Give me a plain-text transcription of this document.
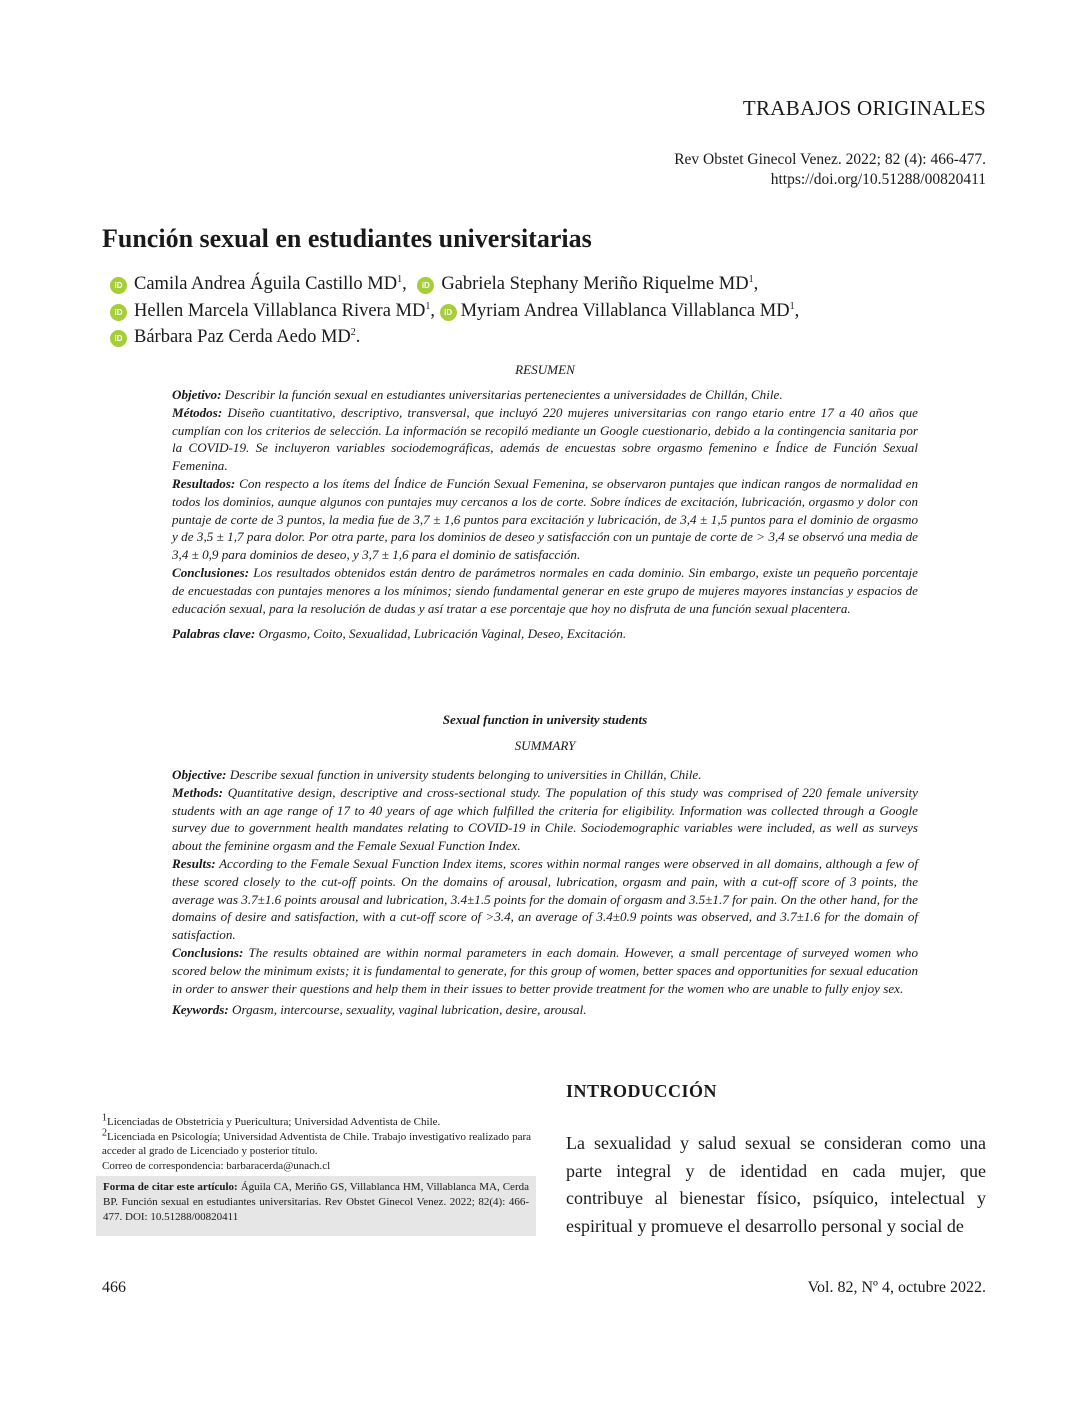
TRABAJOS ORIGINALES
Rev Obstet Ginecol Venez. 2022; 82 (4): 466-477.
https://doi.org/10.51288/00820411
Función sexual en estudiantes universitarias
iD Camila Andrea Águila Castillo $MD^1$, iD Gabriela Stephany Meriño Riquelme $MD^1$,
iD Hellen Marcela Villablanca Rivera $MD^1$, iD Myriam Andrea Villablanca Villablanca $MD^1$,
iD Bárbara Paz Cerda Aedo $MD^2$.
RESUMEN

Objetivo: Describir la función sexual en estudiantes universitarias pertenecientes a universidades de Chillán, Chile.

Métodos: Diseño cuantitativo, descriptivo, transversal, que incluyó 220 mujeres universitarias con rango etario entre 17 a 40 años que cumplían con los criterios de selección. La información se recopiló mediante un Google cuestionario, debido a la contingencia sanitaria por la COVID-19. Se incluyeron variables sociodemográficas, además de encuestas sobre orgasmo femenino e Índice de Función Sexual Femenina.

Resultados: Con respecto a los ítems del Índice de Función Sexual Femenina, se observaron puntajes que indican rangos de normalidad en todos los dominios, aunque algunos con puntajes muy cercanos a los de corte. Sobre índices de excitación, lubricación, orgasmo y dolor con puntaje de corte de 3 puntos, la media fue de 3,7 ± 1,6 puntos para excitación y lubricación, de 3,4 ± 1,5 puntos para el dominio de orgasmo y de 3,5 ± 1,7 para dolor. Por otra parte, para los dominios de deseo y satisfacción con un puntaje de corte de > 3,4 se observó una media de 3,4 ± 0,9 para dominios de deseo, y 3,7 ± 1,6 para el dominio de satisfacción.

Conclusiones: Los resultados obtenidos están dentro de parámetros normales en cada dominio. Sin embargo, existe un pequeño porcentaje de encuestadas con puntajes menores a los mínimos; siendo fundamental generar en este grupo de mujeres mayores instancias y espacios de educación sexual, para la resolución de dudas y así tratar a ese porcentaje que hoy no disfruta de una función sexual placentera.

Palabras clave: Orgasmo, Coito, Sexualidad, Lubricación Vaginal, Deseo, Excitación.

Sexual function in university students
SUMMARY

Objective: Describe sexual function in university students belonging to universities in Chillán, Chile.

Methods: Quantitative design, descriptive and cross-sectional study. The population of this study was comprised of 220 female university students with an age range of 17 to 40 years of age which fulfilled the criteria for eligibility. Information was collected through a Google survey due to government health mandates relating to COVID-19 in Chile. Sociodemographic variables were included, as well as surveys about the feminine orgasm and the Female Sexual Function Index.

Results: According to the Female Sexual Function Index items, scores within normal ranges were observed in all domains, although a few of these scored closely to the cut-off points. On the domains of arousal, lubrication, orgasm and pain, with a cut-off score of 3 points, the average was 3.7±1.6 points arousal and lubrication, 3.4±1.5 points for the domain of orgasm and 3.5±1.7 for pain. On the other hand, for the domains of desire and satisfaction, with a cut-off score of >3.4, an average of 3.4±0.9 points was observed, and 3.7±1.6 for the domain of satisfaction.

Conclusions: The results obtained are within normal parameters in each domain. However, a small percentage of surveyed women who scored below the minimum exists; it is fundamental to generate, for this group of women, better spaces and opportunities for sexual education in order to answer their questions and help them in their issues to better provide treatment for the women who are unable to fully enjoy sex.

Keywords: Orgasm, intercourse, sexuality, vaginal lubrication, desire, arousal.

INTRODUCCIÓN
La sexualidad y salud sexual se consideran como una parte integral y de identidad en cada mujer, que contribuye al bienestar físico, psíquico, intelectual y espiritual y promueve el desarrollo personal y social de
$^1$Licenciadas de Obstetricia y Puericultura; Universidad Adventista de Chile.
$^2$Licenciada en Psicología; Universidad Adventista de Chile. Trabajo investigativo realizado para acceder al grado de Licenciado y posterior título.
Correo de correspondencia: barbaracerda@unach.cl
Forma de citar este artículo: Águila CA, Meriño GS, Villablanca HM, Villablanca MA, Cerda BP. Función sexual en estudiantes universitarias. Rev Obstet Ginecol Venez. 2022; 82(4): 466-477. DOI: 10.51288/00820411
466	Vol. 82, Nº 4, octubre 2022.
